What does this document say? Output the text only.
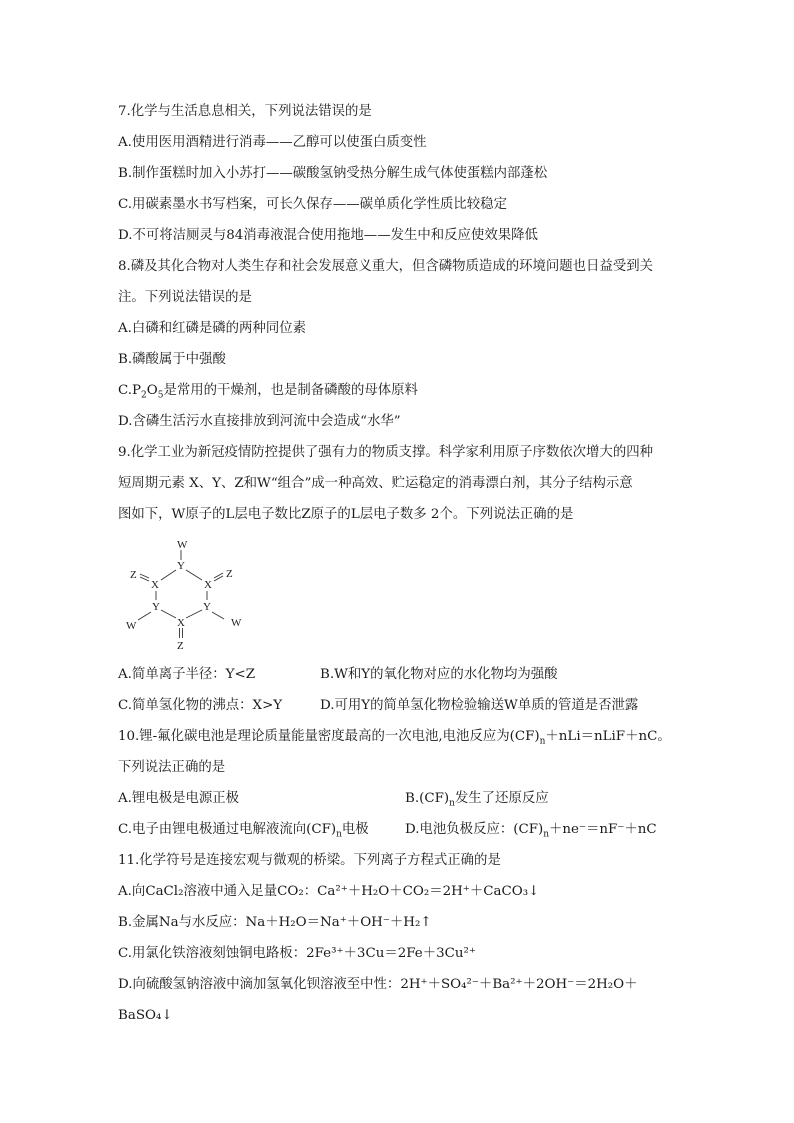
7.化学与生活息息相关，下列说法错误的是
A.使用医用酒精进行消毒——乙醇可以使蛋白质变性
B.制作蛋糕时加入小苏打——碳酸氢钠受热分解生成气体使蛋糕内部蓬松
C.用碳素墨水书写档案，可长久保存——碳单质化学性质比较稳定
D.不可将洁厕灵与84消毒液混合使用拖地——发生中和反应使效果降低
8.磷及其化合物对人类生存和社会发展意义重大，但含磷物质造成的环境问题也日益受到关
注。下列说法错误的是
A.白磷和红磷是磷的两种同位素
B.磷酸属于中强酸
$C.P_2O_5$是常用的干燥剂，也是制备磷酸的母体原料
D.含磷生活污水直接排放到河流中会造成“水华”
9.化学工业为新冠疫情防控提供了强有力的物质支撑。科学家利用原子序数依次增大的四种
短周期元素 X、Y、Z和W“组合”成一种高效、贮运稳定的消毒漂白剂，其分子结构示意
图如下，W原子的L层电子数比Z原子的L层电子数多 2个。下列说法正确的是
W
Y
X
Z
X
Z
Y
W
Y
W
X
Z
A.简单离子半径：Y<Z	B.W和Y的氧化物对应的水化物均为强酸
C.简单氢化物的沸点：X>Y	D.可用Y的简单氢化物检验输送W单质的管道是否泄露
10.锂-氟化碳电池是理论质量能量密度最高的一次电池,电池反应为$(CF)_n+nLi=nLiF+nC$。
下列说法正确的是
A.锂电极是电源正极	$B.(CF)_n$发生了还原反应
C.电子由锂电极通过电解液流向$(CF)_n$电极	D.电池负极反应：$(CF)_n+ne^-=nF^-+nC$
11.化学符号是连接宏观与微观的桥梁。下列离子方程式正确的是
A.向CaCl₂溶液中通入足量CO₂：Ca²⁺＋H₂O＋CO₂＝2H⁺＋CaCO₃↓
B.金属Na与水反应：Na＋H₂O＝Na⁺＋OH⁻＋H₂↑
C.用氯化铁溶液刻蚀铜电路板：2Fe³⁺＋3Cu＝2Fe＋3Cu²⁺
D.向硫酸氢钠溶液中滴加氢氧化钡溶液至中性：2H⁺＋SO₄²⁻＋Ba²⁺＋2OH⁻＝2H₂O＋
BaSO₄↓
